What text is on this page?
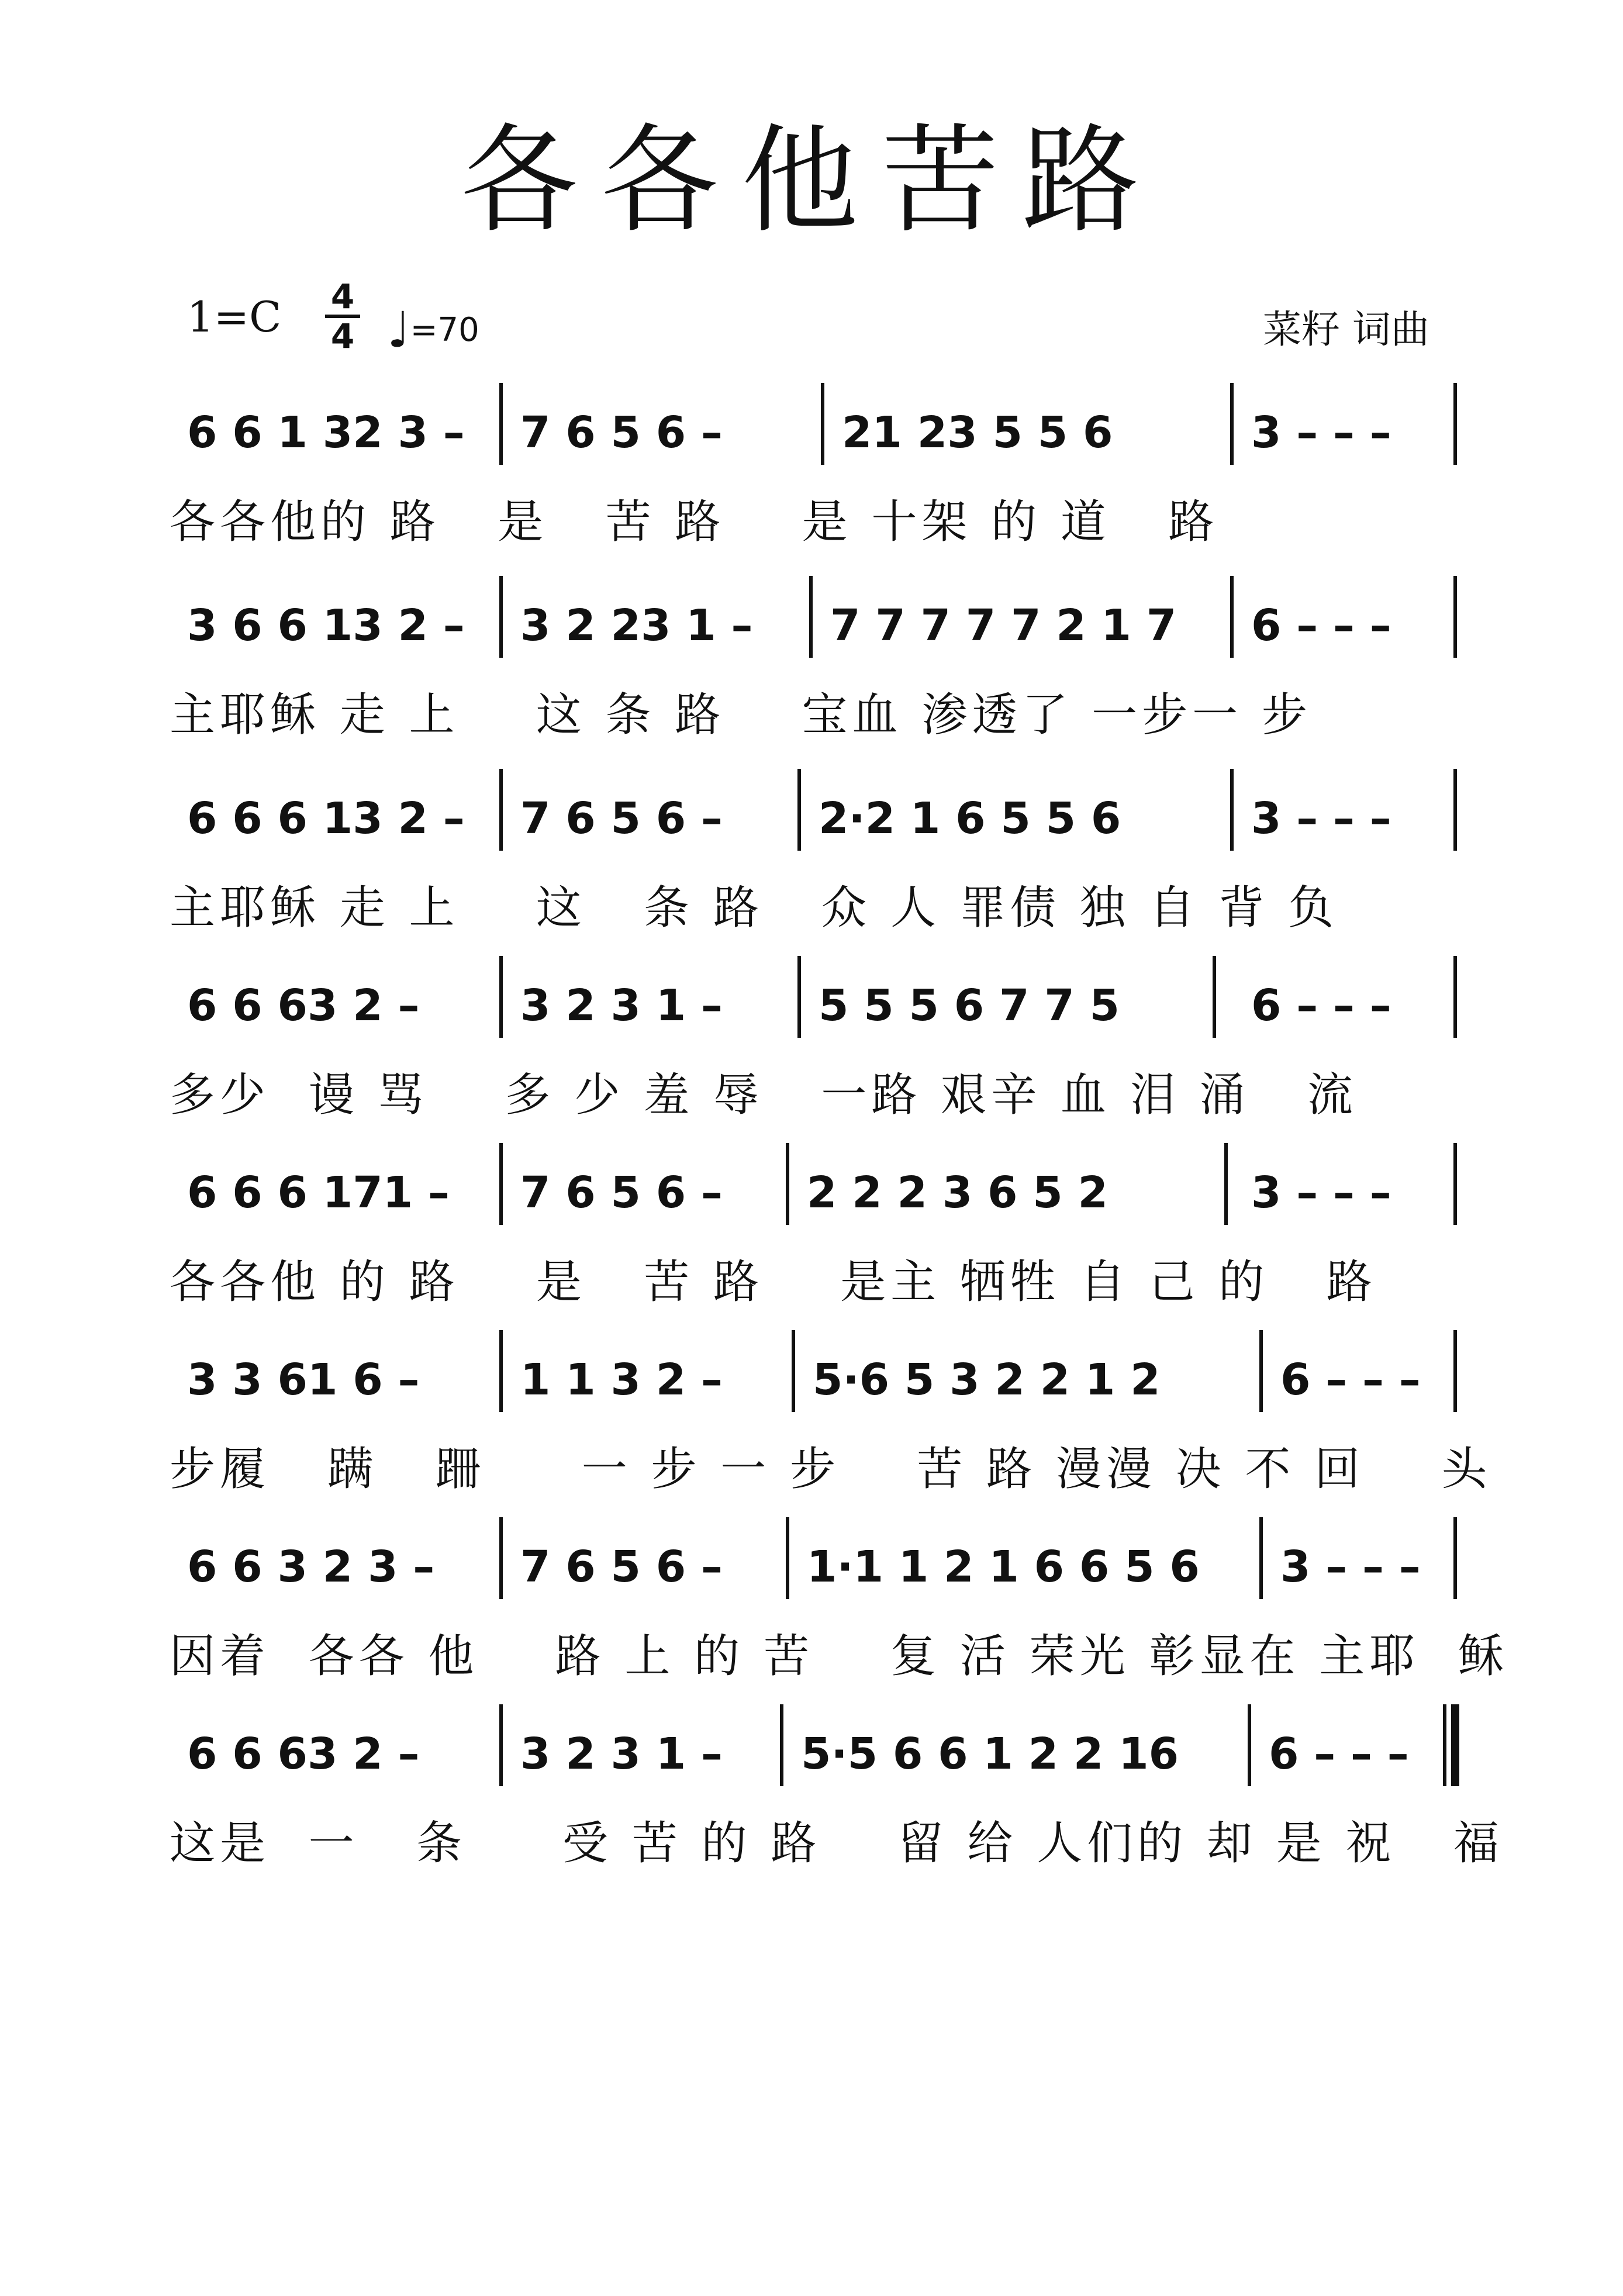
各各他苦路
1=C 4
4 ♩=70	菜籽 词曲
6 6 1 32 3 –	7 6 5 6 –	21 23 5 5 6	3 – – –
各各他的 路   是   苦 路    是 十架 的 道   路
3 6 6 13 2 –	3 2 23 1 –	7 7 7 7 7 2 1 7	6 – – –
主耶稣 走 上    这 条 路    宝血 渗透了 一步一 步
6 6 6 13 2 –	7 6 5 6 –	2·2 1 6 5 5 6	3 – – –
主耶稣 走 上    这   条 路   众 人 罪债 独 自 背 负
6 6 63 2 –	3 2 3 1 –	5 5 5 6 7 7 5	6 – – –
多少  谩 骂    多 少 羞 辱   一路 艰辛 血 泪 涌   流
6 6 6 171 –	7 6 5 6 –	2 2 2 3 6 5 2	3 – – –
各各他 的 路    是   苦 路    是主 牺牲 自 己 的   路
3 3 61 6 –	1 1 3 2 –	5·6 5 3 2 2 1 2	6 – – –
步履   蹒   跚     一 步 一 步    苦 路 漫漫 决 不 回    头
6 6 3 2 3 –	7 6 5 6 –	1·1 1 2 1 6 6 5 6	3 – – –
因着  各各 他    路 上 的 苦    复 活 荣光 彰显在 主耶  稣
6 6 63 2 –	3 2 3 1 –	5·5 6 6 1 2 2 16	6 – – –
这是  一   条     受 苦 的 路    留 给 人们的 却 是 祝   福
